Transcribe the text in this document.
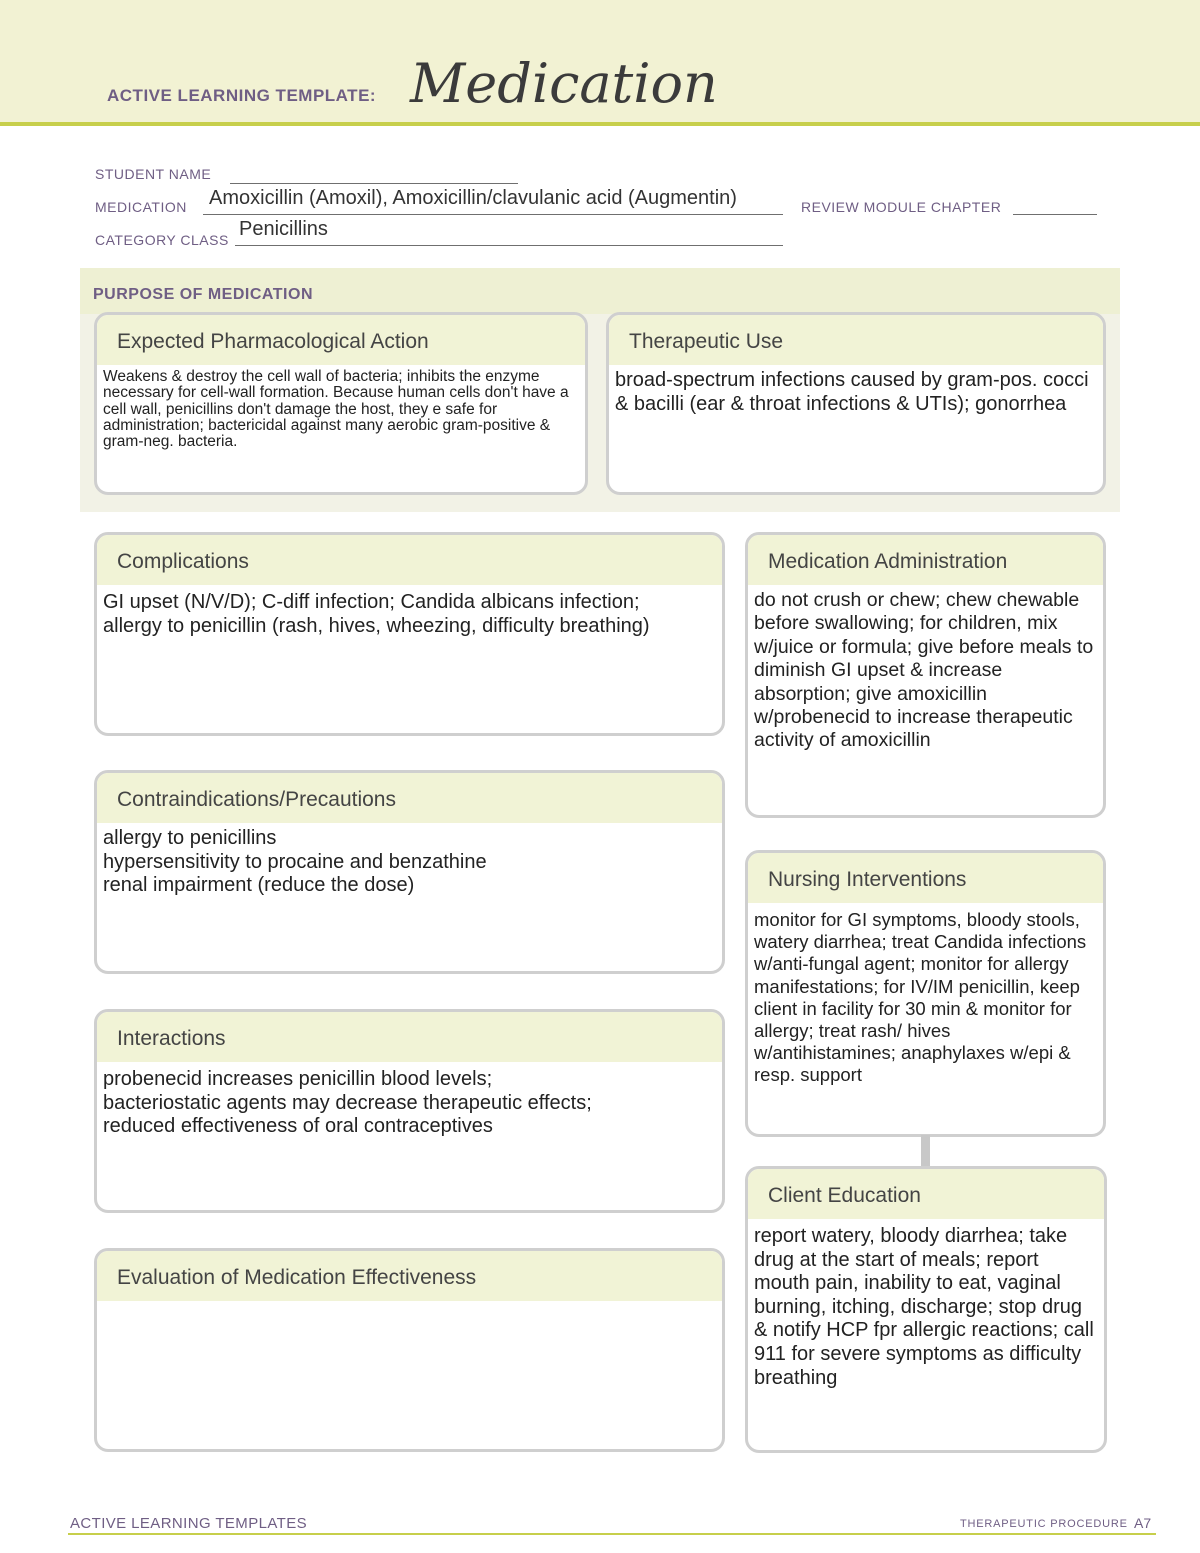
ACTIVE LEARNING TEMPLATE: Medication
STUDENT NAME
MEDICATION Amoxicillin (Amoxil), Amoxicillin/clavulanic acid (Augmentin)	REVIEW MODULE CHAPTER
CATEGORY CLASS Penicillins
PURPOSE OF MEDICATION
Expected Pharmacological Action
Weakens & destroy the cell wall of bacteria; inhibits the enzyme necessary for cell-wall formation. Because human cells don't have a cell wall, penicillins don't damage the host, they e safe for administration; bactericidal against many aerobic gram-positive & gram-neg. bacteria.
Therapeutic Use
broad-spectrum infections caused by gram-pos. cocci & bacilli (ear & throat infections & UTIs); gonorrhea
Complications
GI upset (N/V/D); C-diff infection; Candida albicans infection;
allergy to penicillin (rash, hives, wheezing, difficulty breathing)
Contraindications/Precautions
allergy to penicillins
hypersensitivity to procaine and benzathine
renal impairment (reduce the dose)
Interactions
probenecid increases penicillin blood levels;
bacteriostatic agents may decrease therapeutic effects;
reduced effectiveness of oral contraceptives
Evaluation of Medication Effectiveness
Medication Administration
do not crush or chew; chew chewable before swallowing; for children, mix w/juice or formula; give before meals to diminish GI upset & increase absorption; give amoxicillin w/probenecid to increase therapeutic activity of amoxicillin
Nursing Interventions
monitor for GI symptoms, bloody stools, watery diarrhea; treat Candida infections w/anti-fungal agent; monitor for allergy manifestations; for IV/IM penicillin, keep client in facility for 30 min & monitor for allergy; treat rash/ hives w/antihistamines; anaphylaxes w/epi & resp. support
Client Education
report watery, bloody diarrhea; take drug at the start of meals; report mouth pain, inability to eat, vaginal burning, itching, discharge; stop drug & notify HCP fpr allergic reactions; call 911 for severe symptoms as difficulty breathing
ACTIVE LEARNING TEMPLATES	THERAPEUTIC PROCEDURE A7
